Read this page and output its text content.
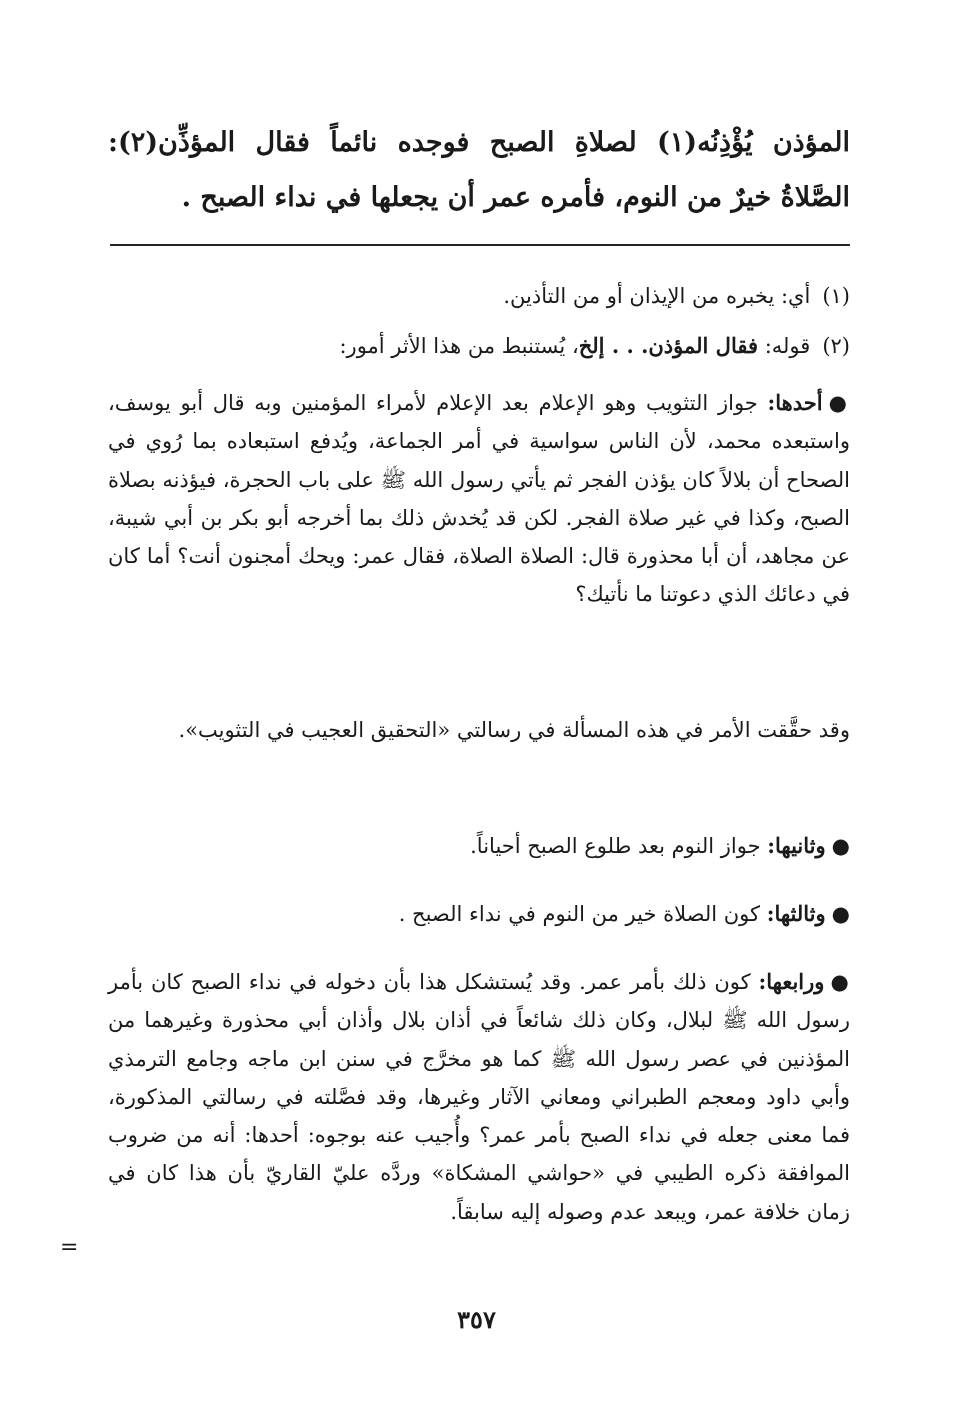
المؤذن يُؤْذِنُه(١) لصلاةِ الصبح فوجده نائماً فقال المؤذِّن(٢): الصَّلاةُ خيرٌ من النوم، فأمره عمر أن يجعلها في نداء الصبح .
(١)أي: يخبره من الإيذان أو من التأذين.
(٢)قوله: فقال المؤذن. . . إلخ، يُستنبط من هذا الأثر أمور:
●أحدها: جواز التثويب وهو الإعلام بعد الإعلام لأمراء المؤمنين وبه قال أبو يوسف، واستبعده محمد، لأن الناس سواسية في أمر الجماعة، ويُدفع استبعاده بما رُوي في الصحاح أن بلالاً كان يؤذن الفجر ثم يأتي رسول الله ﷺ على باب الحجرة، فيؤذنه بصلاة الصبح، وكذا في غير صلاة الفجر. لكن قد يُخدش ذلك بما أخرجه أبو بكر بن أبي شيبة، عن مجاهد، أن أبا محذورة قال: الصلاة الصلاة، فقال عمر: ويحك أمجنون أنت؟ أما كان في دعائك الذي دعوتنا ما نأتيك؟
وقد حقَّقت الأمر في هذه المسألة في رسالتي «التحقيق العجيب في التثويب».
●وثانيها: جواز النوم بعد طلوع الصبح أحياناً.
●وثالثها: كون الصلاة خير من النوم في نداء الصبح .
●ورابعها: كون ذلك بأمر عمر. وقد يُستشكل هذا بأن دخوله في نداء الصبح كان بأمر رسول الله ﷺ لبلال، وكان ذلك شائعاً في أذان بلال وأذان أبي محذورة وغيرهما من المؤذنين في عصر رسول الله ﷺ كما هو مخرَّج في سنن ابن ماجه وجامع الترمذي وأبي داود ومعجم الطبراني ومعاني الآثار وغيرها، وقد فصَّلته في رسالتي المذكورة، فما معنى جعله في نداء الصبح بأمر عمر؟ وأُجيب عنه بوجوه: أحدها: أنه من ضروب الموافقة ذكره الطيبي في «حواشي المشكاة» وردَّه عليّ القاريّ بأن هذا كان في زمان خلافة عمر، ويبعد عدم وصوله إليه سابقاً.
=
٣٥٧
